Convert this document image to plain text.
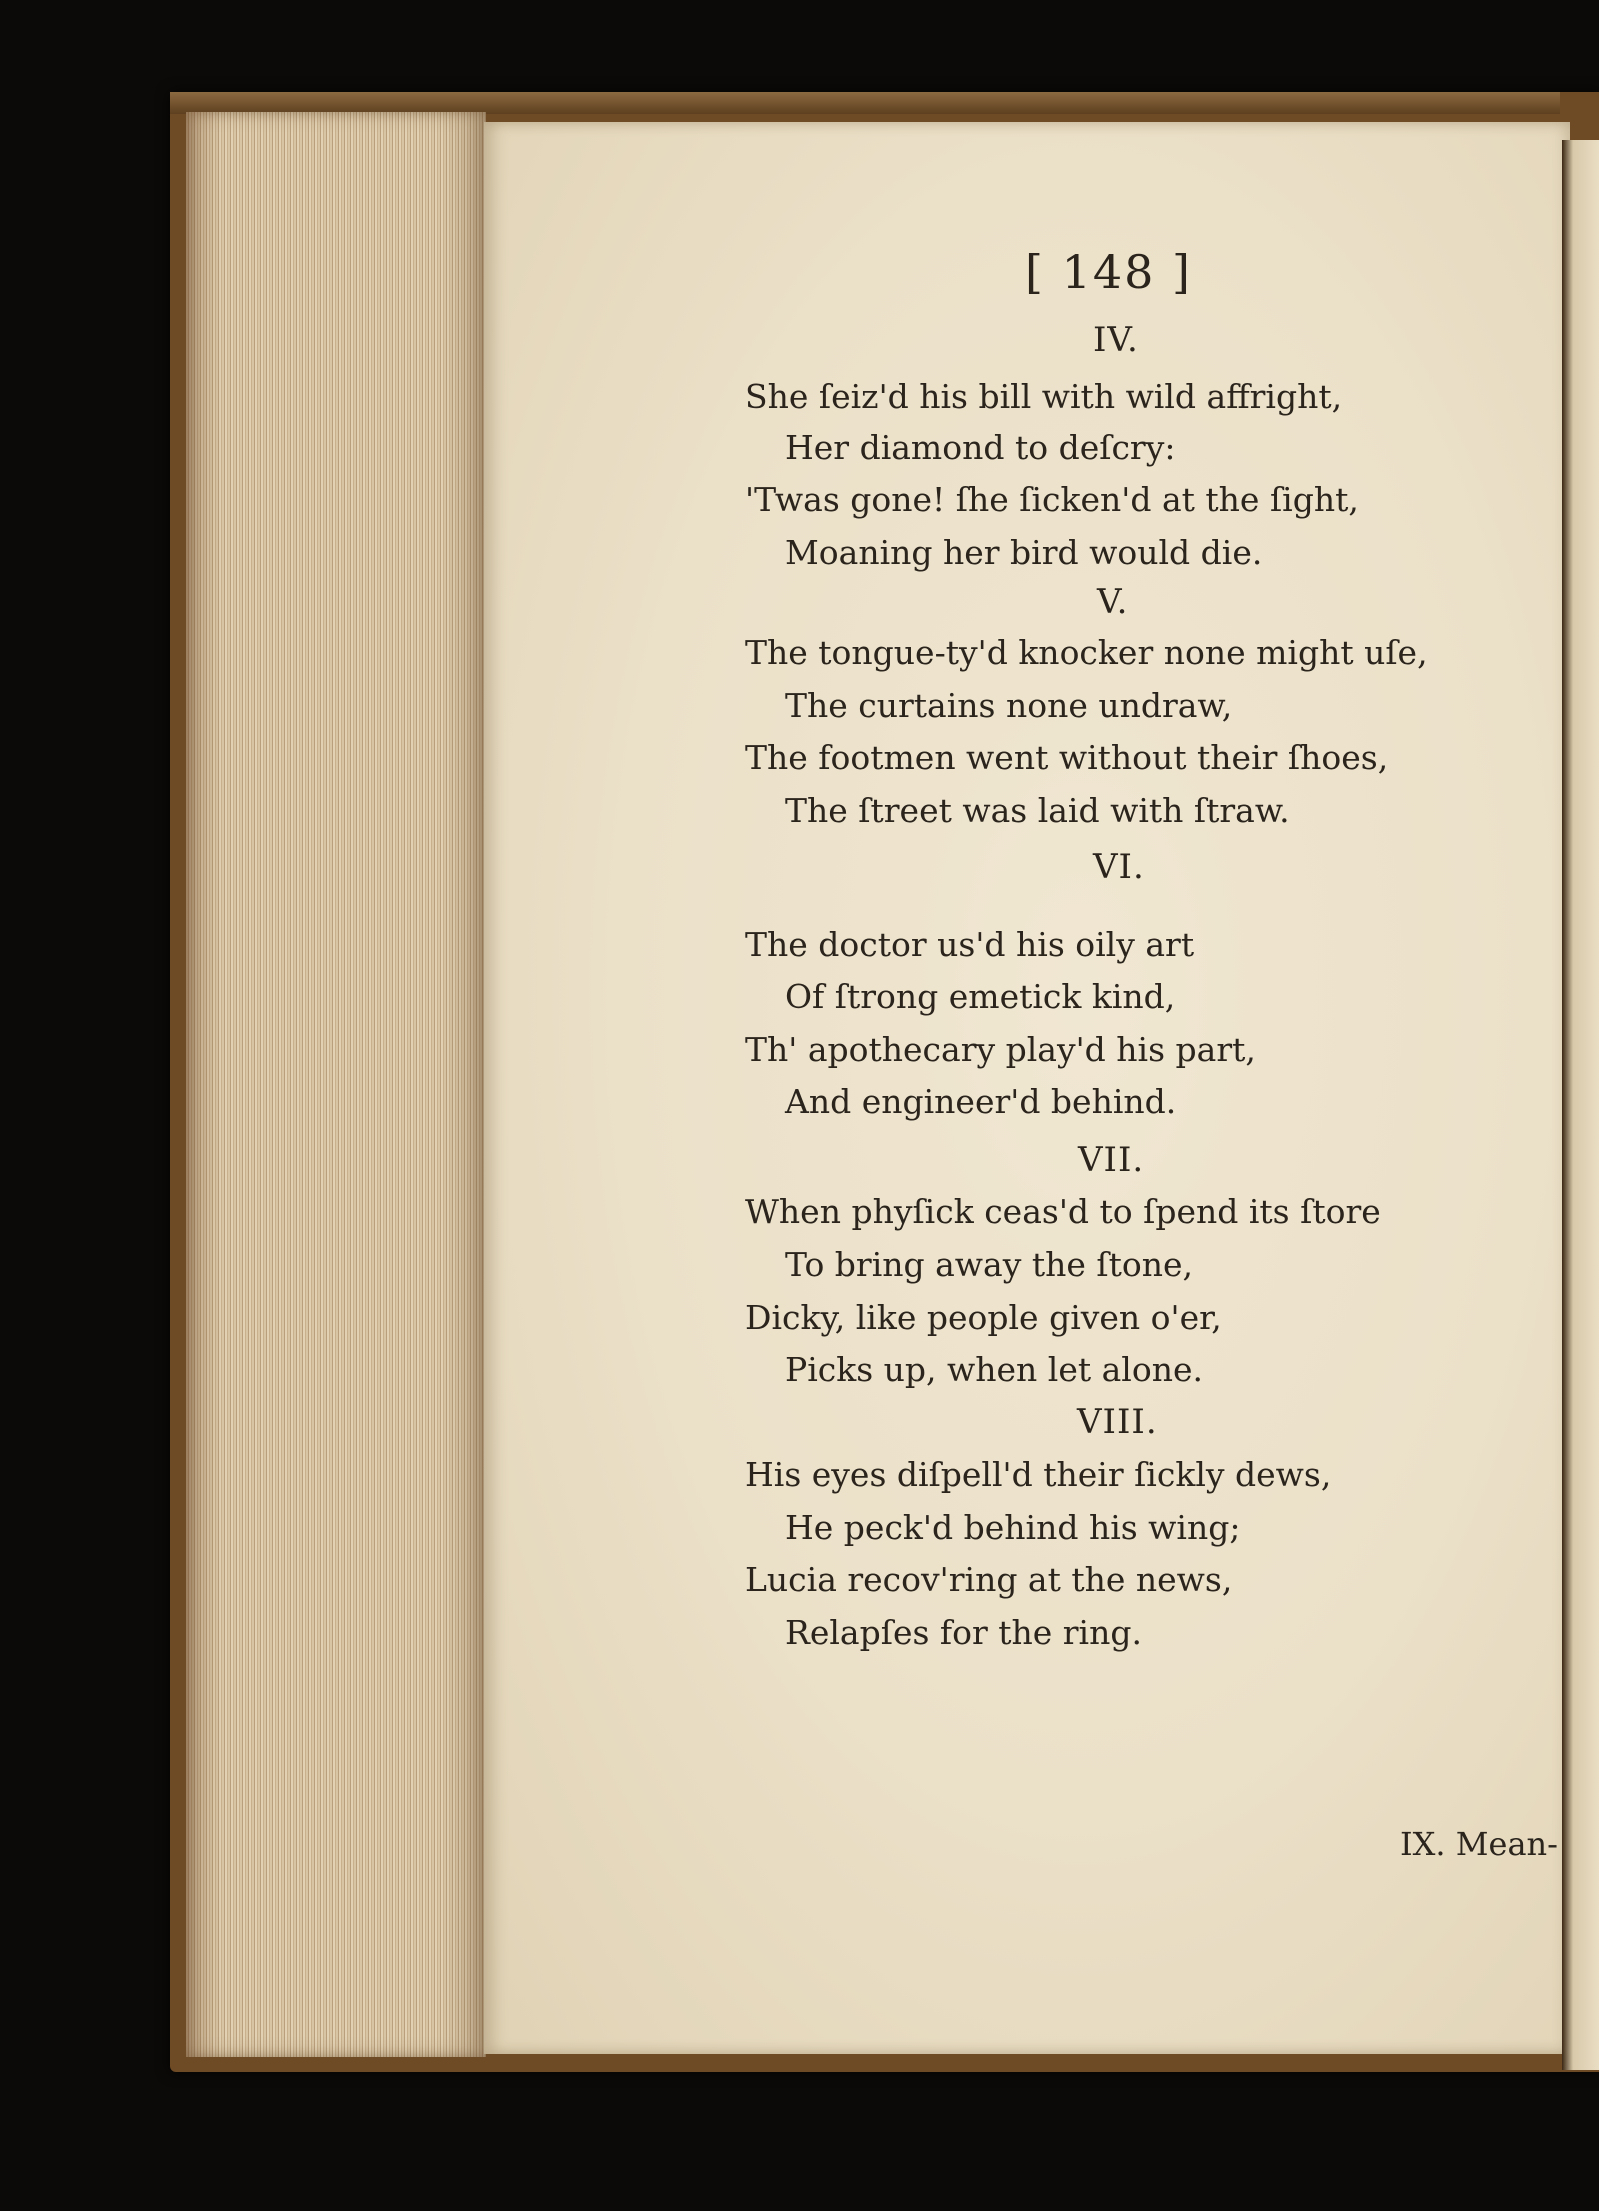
[ 148 ]
IV.
She ſeiz'd his bill with wild affright,
Her diamond to deſcry:
'Twas gone! ſhe ſicken'd at the ſight,
Moaning her bird would die.
V.
The tongue-ty'd knocker none might uſe,
The curtains none undraw,
The footmen went without their ſhoes,
The ſtreet was laid with ſtraw.
VI.
The doctor us'd his oily art
Of ſtrong emetick kind,
Th' apothecary play'd his part,
And engineer'd behind.
VII.
When phyſick ceas'd to ſpend its ſtore
To bring away the ſtone,
Dicky, like people given o'er,
Picks up, when let alone.
VIII.
His eyes diſpell'd their ſickly dews,
He peck'd behind his wing;
Lucia recov'ring at the news,
Relapſes for the ring.
IX. Mean-
